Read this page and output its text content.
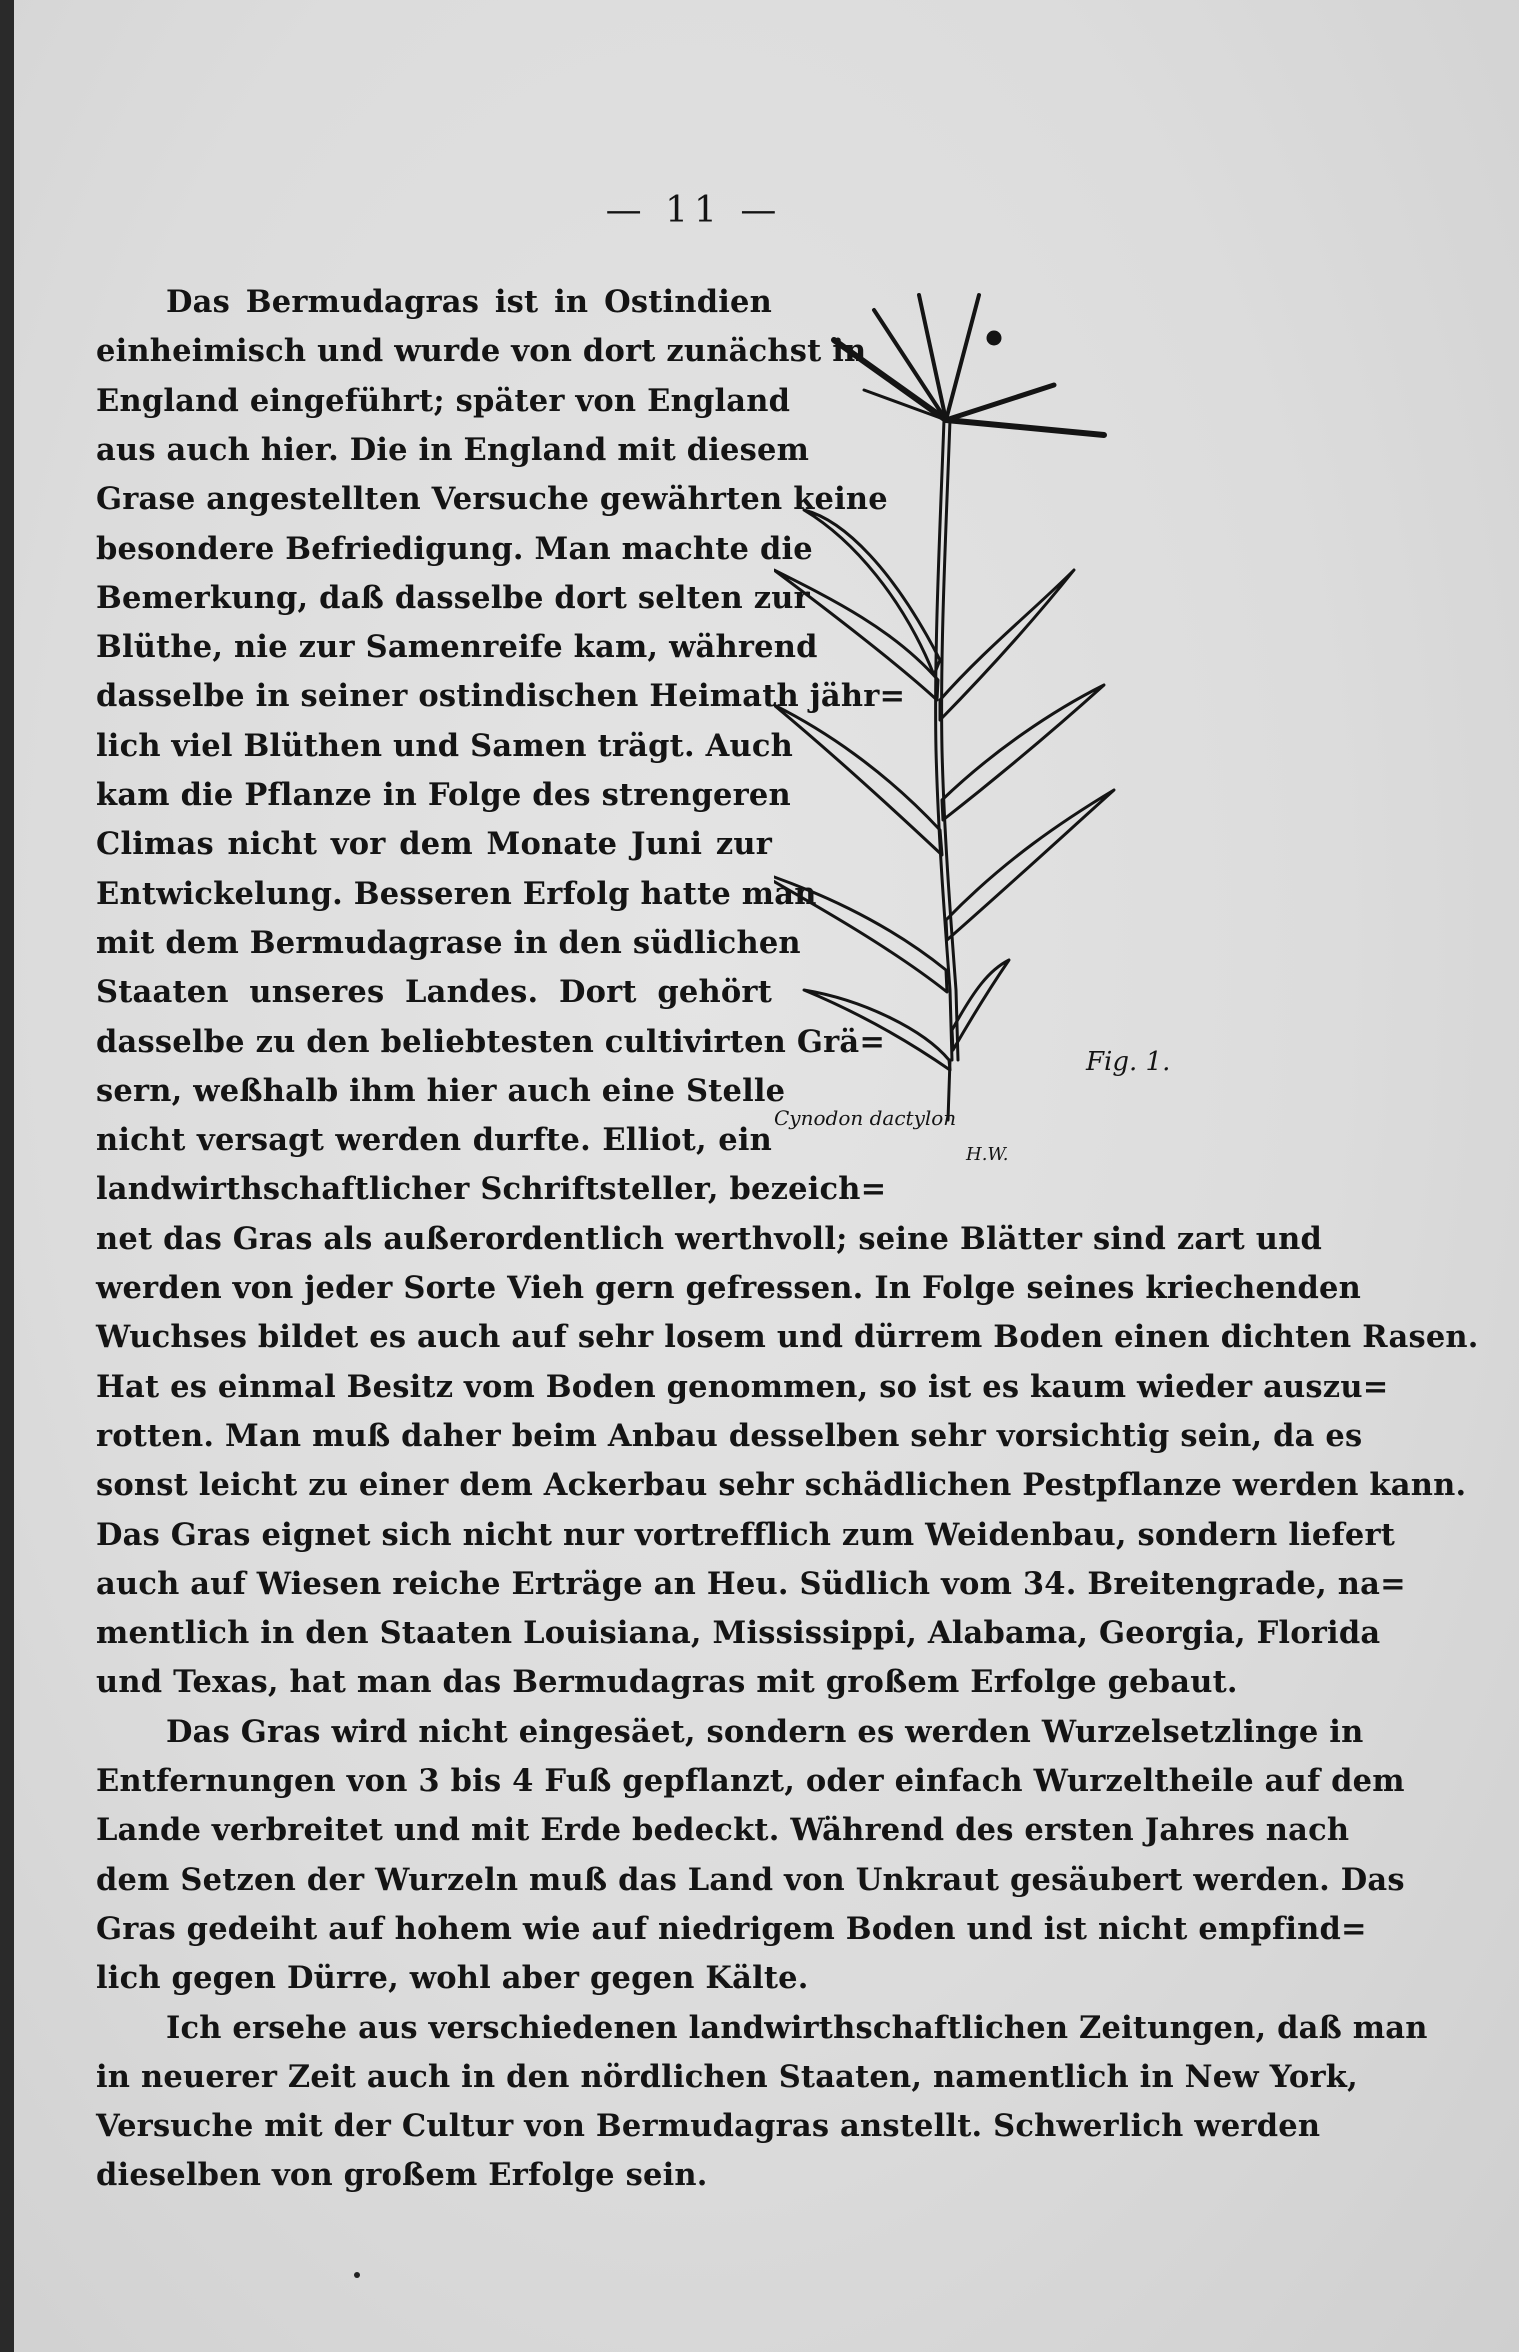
— 11 —
Fig. 1.
Cynodon dactylon
H.W.
Das Bermudagras ist in Ostindien
einheimisch und wurde von dort zunächst in
England eingeführt; später von England
aus auch hier. Die in England mit diesem
Grase angestellten Versuche gewährten keine
besondere Befriedigung. Man machte die
Bemerkung, daß dasselbe dort selten zur
Blüthe, nie zur Samenreife kam, während
dasselbe in seiner ostindischen Heimath jähr=
lich viel Blüthen und Samen trägt. Auch
kam die Pflanze in Folge des strengeren
Climas nicht vor dem Monate Juni zur
Entwickelung. Besseren Erfolg hatte man
mit dem Bermudagrase in den südlichen
Staaten unseres Landes. Dort gehört
dasselbe zu den beliebtesten cultivirten Grä=
sern, weßhalb ihm hier auch eine Stelle
nicht versagt werden durfte. Elliot, ein
landwirthschaftlicher Schriftsteller, bezeich=
net das Gras als außerordentlich werthvoll; seine Blätter sind zart und
werden von jeder Sorte Vieh gern gefressen. In Folge seines kriechenden
Wuchses bildet es auch auf sehr losem und dürrem Boden einen dichten Rasen.
Hat es einmal Besitz vom Boden genommen, so ist es kaum wieder auszu=
rotten. Man muß daher beim Anbau desselben sehr vorsichtig sein, da es
sonst leicht zu einer dem Ackerbau sehr schädlichen Pestpflanze werden kann.
Das Gras eignet sich nicht nur vortrefflich zum Weidenbau, sondern liefert
auch auf Wiesen reiche Erträge an Heu. Südlich vom 34. Breitengrade, na=
mentlich in den Staaten Louisiana, Mississippi, Alabama, Georgia, Florida
und Texas, hat man das Bermudagras mit großem Erfolge gebaut.
Das Gras wird nicht eingesäet, sondern es werden Wurzelsetzlinge in
Entfernungen von 3 bis 4 Fuß gepflanzt, oder einfach Wurzeltheile auf dem
Lande verbreitet und mit Erde bedeckt. Während des ersten Jahres nach
dem Setzen der Wurzeln muß das Land von Unkraut gesäubert werden. Das
Gras gedeiht auf hohem wie auf niedrigem Boden und ist nicht empfind=
lich gegen Dürre, wohl aber gegen Kälte.
Ich ersehe aus verschiedenen landwirthschaftlichen Zeitungen, daß man
in neuerer Zeit auch in den nördlichen Staaten, namentlich in New York,
Versuche mit der Cultur von Bermudagras anstellt. Schwerlich werden
dieselben von großem Erfolge sein.
